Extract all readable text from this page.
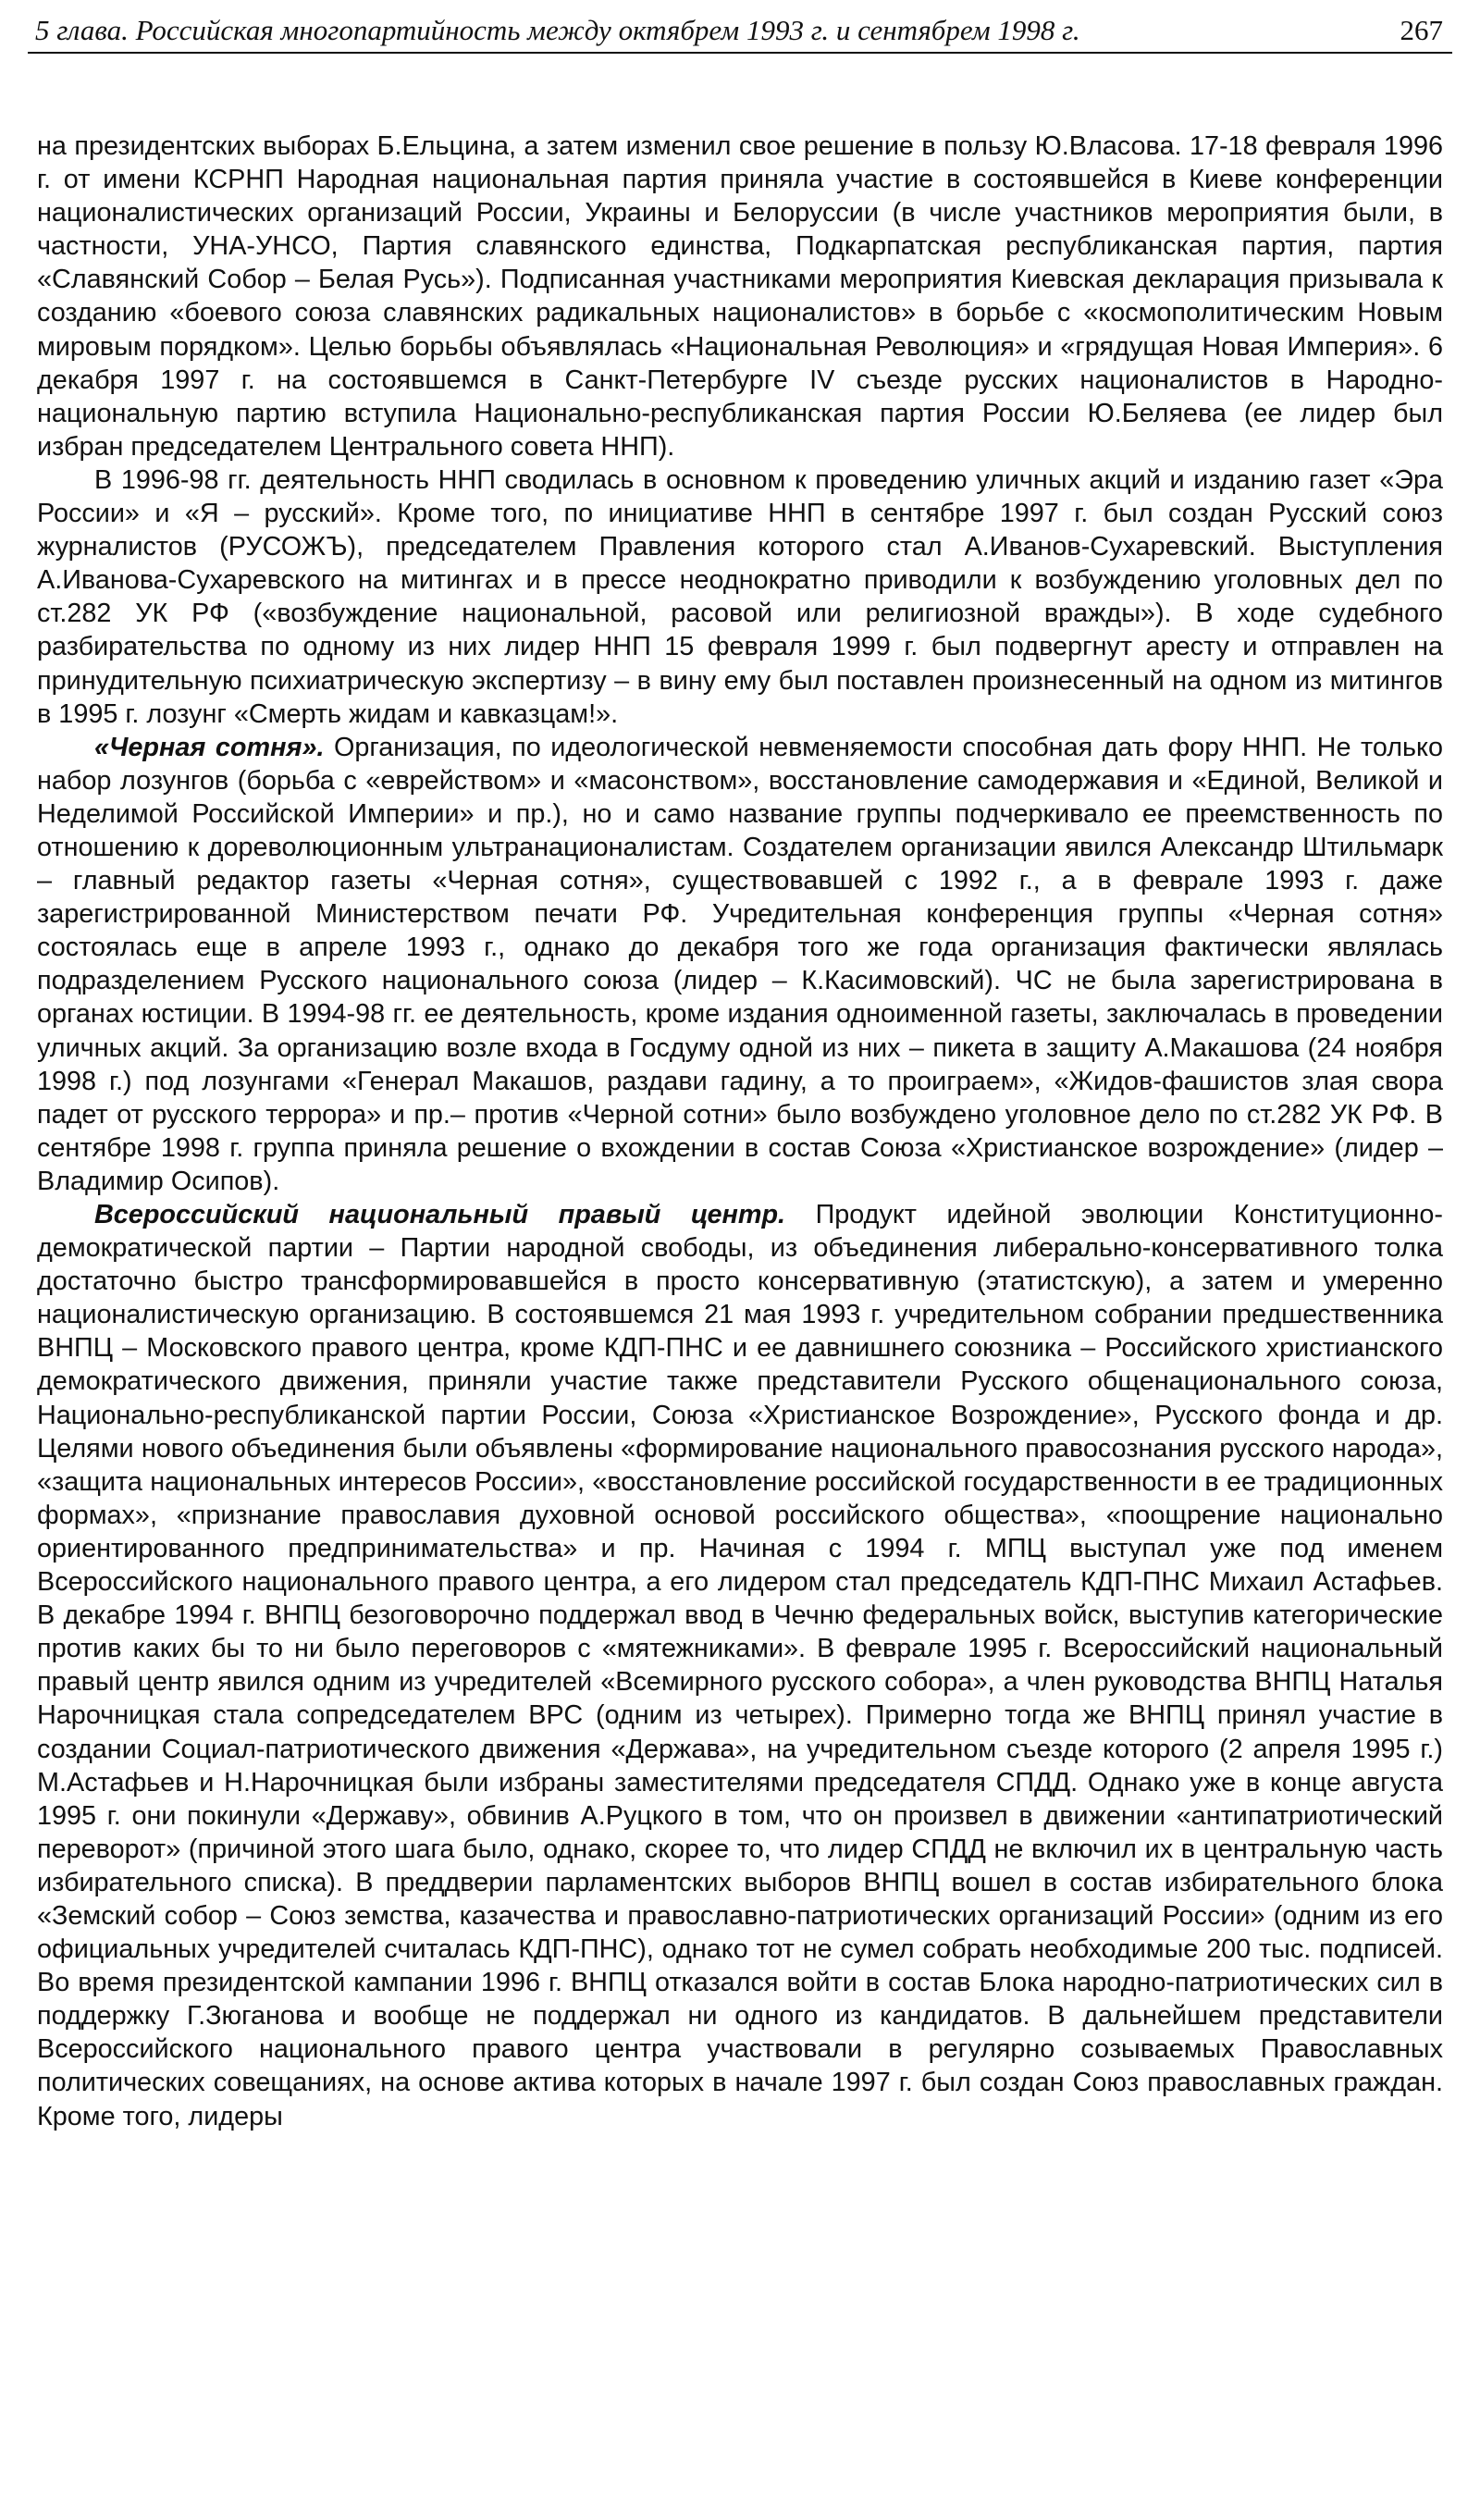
5 глава. Российская многопартийность между октябрем 1993 г. и сентябрем 1998 г.	267

на президентских выборах Б.Ельцина, а затем изменил свое решение в пользу Ю.Власова. 17-18 февраля 1996 г. от имени КСРНП Народная национальная партия приняла участие в состоявшейся в Киеве конференции националистических организаций России, Украины и Белоруссии (в числе участников мероприятия были, в частности, УНА-УНСО, Партия славянского единства, Подкарпатская республиканская партия, партия «Славянский Собор – Белая Русь»). Подписанная участниками мероприятия Киевская декларация призывала к созданию «боевого союза славянских радикальных националистов» в борьбе с «космополитическим Новым мировым порядком». Целью борьбы объявлялась «Национальная Революция» и «грядущая Новая Империя». 6 декабря 1997 г. на состоявшемся в Санкт-Петербурге IV съезде русских националистов в Народно-национальную партию вступила Национально-республиканская партия России Ю.Беляева (ее лидер был избран председателем Центрального совета ННП).

В 1996-98 гг. деятельность ННП сводилась в основном к проведению уличных акций и изданию газет «Эра России» и «Я – русский». Кроме того, по инициативе ННП в сентябре 1997 г. был создан Русский союз журналистов (РУСОЖЪ), председателем Правления которого стал А.Иванов-Сухаревский. Выступления А.Иванова-Сухаревского на митингах и в прессе неоднократно приводили к возбуждению уголовных дел по ст.282 УК РФ («возбуждение национальной, расовой или религиозной вражды»). В ходе судебного разбирательства по одному из них лидер ННП 15 февраля 1999 г. был подвергнут аресту и отправлен на принудительную психиатрическую экспертизу – в вину ему был поставлен произнесенный на одном из митингов в 1995 г. лозунг «Смерть жидам и кавказцам!».

«Черная сотня». Организация, по идеологической невменяемости способная дать фору ННП. Не только набор лозунгов (борьба с «еврейством» и «масонством», восстановление самодержавия и «Единой, Великой и Неделимой Российской Империи» и пр.), но и само название группы подчеркивало ее преемственность по отношению к дореволюционным ультранационалистам. Создателем организации явился Александр Штильмарк – главный редактор газеты «Черная сотня», существовавшей с 1992 г., а в феврале 1993 г. даже зарегистрированной Министерством печати РФ. Учредительная конференция группы «Черная сотня» состоялась еще в апреле 1993 г., однако до декабря того же года организация фактически являлась подразделением Русского национального союза (лидер – К.Касимовский). ЧС не была зарегистрирована в органах юстиции. В 1994-98 гг. ее деятельность, кроме издания одноименной газеты, заключалась в проведении уличных акций. За организацию возле входа в Госдуму одной из них – пикета в защиту А.Макашова (24 ноября 1998 г.) под лозунгами «Генерал Макашов, раздави гадину, а то проиграем», «Жидов-фашистов злая свора падет от русского террора» и пр.– против «Черной сотни» было возбуждено уголовное дело по ст.282 УК РФ. В сентябре 1998 г. группа приняла решение о вхождении в состав Союза «Христианское возрождение» (лидер – Владимир Осипов).

Всероссийский национальный правый центр. Продукт идейной эволюции Конституционно-демократической партии – Партии народной свободы, из объединения либерально-консервативного толка достаточно быстро трансформировавшейся в просто консервативную (этатистскую), а затем и умеренно националистическую организацию. В состоявшемся 21 мая 1993 г. учредительном собрании предшественника ВНПЦ – Московского правого центра, кроме КДП-ПНС и ее давнишнего союзника – Российского христианского демократического движения, приняли участие также представители Русского общенационального союза, Национально-республиканской партии России, Союза «Христианское Возрождение», Русского фонда и др. Целями нового объединения были объявлены «формирование национального правосознания русского народа», «защита национальных интересов России», «восстановление российской государственности в ее традиционных формах», «признание православия духовной основой российского общества», «поощрение национально ориентированного предпринимательства» и пр. Начиная с 1994 г. МПЦ выступал уже под именем Всероссийского национального правого центра, а его лидером стал председатель КДП-ПНС Михаил Астафьев. В декабре 1994 г. ВНПЦ безоговорочно поддержал ввод в Чечню федеральных войск, выступив категорические против каких бы то ни было переговоров с «мятежниками». В феврале 1995 г. Всероссийский национальный правый центр явился одним из учредителей «Всемирного русского собора», а член руководства ВНПЦ Наталья Нарочницкая стала сопредседателем ВРС (одним из четырех). Примерно тогда же ВНПЦ принял участие в создании Социал-патриотического движения «Держава», на учредительном съезде которого (2 апреля 1995 г.) М.Астафьев и Н.Нарочницкая были избраны заместителями председателя СПДД. Однако уже в конце августа 1995 г. они покинули «Державу», обвинив А.Руцкого в том, что он произвел в движении «антипатриотический переворот» (причиной этого шага было, однако, скорее то, что лидер СПДД не включил их в центральную часть избирательного списка). В преддверии парламентских выборов ВНПЦ вошел в состав избирательного блока «Земский собор – Союз земства, казачества и православно-патриотических организаций России» (одним из его официальных учредителей считалась КДП-ПНС), однако тот не сумел собрать необходимые 200 тыс. подписей. Во время президентской кампании 1996 г. ВНПЦ отказался войти в состав Блока народно-патриотических сил в поддержку Г.Зюганова и вообще не поддержал ни одного из кандидатов. В дальнейшем представители Всероссийского национального правого центра участвовали в регулярно созываемых Православных политических совещаниях, на основе актива которых в начале 1997 г. был создан Союз православных граждан. Кроме того, лидеры
